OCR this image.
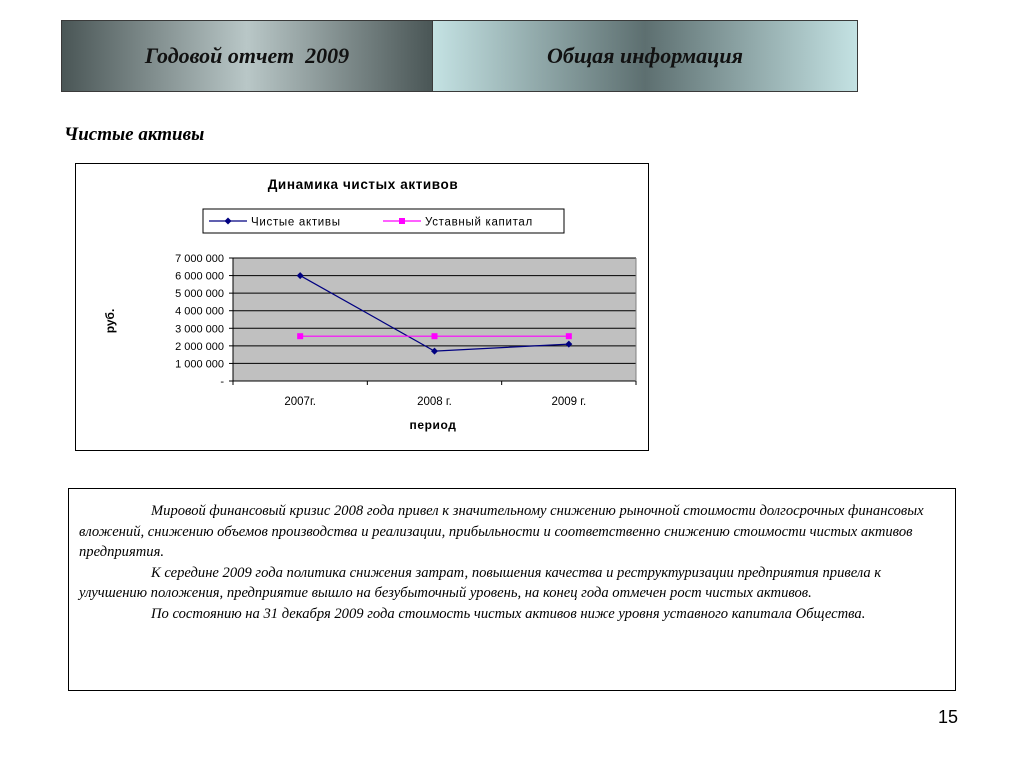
Годовой отчет  2009	Общая информация
Чистые активы
Динамика чистых активов
Чистые активы	Уставный капитал
-
1 000 000
2 000 000
3 000 000
4 000 000
5 000 000
6 000 000
7 000 000
2007г.	2008 г.	2009 г.
период
руб.

Мировой финансовый кризис 2008 года привел к значительному снижению рыночной стоимости долгосрочных финансовых вложений, снижению объемов производства и реализации, прибыльности и соответственно снижению стоимости чистых активов предприятия.

К середине 2009 года политика снижения затрат, повышения качества и реструктуризации предприятия привела к улучшению положения, предприятие вышло на безубыточный уровень, на конец года отмечен рост чистых активов.

По состоянию на 31 декабря 2009 года стоимость чистых активов ниже уровня уставного капитала Общества.

15
